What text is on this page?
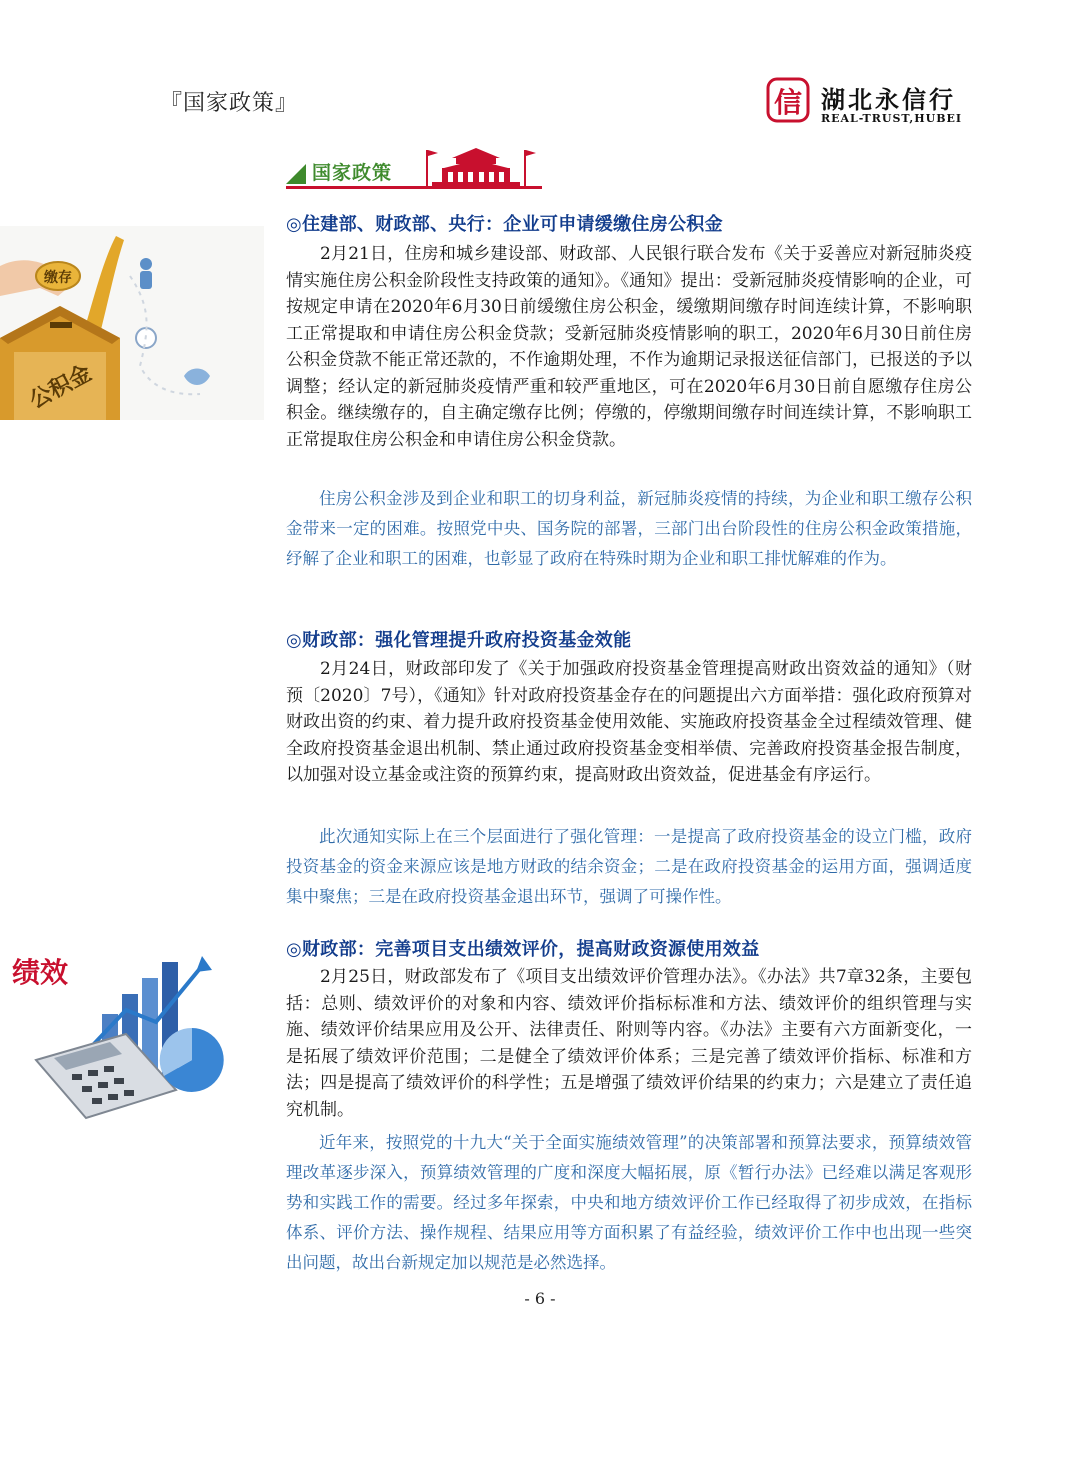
『国家政策』	信 湖北永信行
REAL-TRUST,HUBEI
国家政策
缴存
公积金
◎住建部、财政部、央行：企业可申请缓缴住房公积金

2月21日，住房和城乡建设部、财政部、人民银行联合发布《关于妥善应对新冠肺炎疫情实施住房公积金阶段性支持政策的通知》。《通知》提出：受新冠肺炎疫情影响的企业，可按规定申请在2020年6月30日前缓缴住房公积金，缓缴期间缴存时间连续计算，不影响职工正常提取和申请住房公积金贷款；受新冠肺炎疫情影响的职工，2020年6月30日前住房公积金贷款不能正常还款的，不作逾期处理，不作为逾期记录报送征信部门，已报送的予以调整；经认定的新冠肺炎疫情严重和较严重地区，可在2020年6月30日前自愿缴存住房公积金。继续缴存的，自主确定缴存比例；停缴的，停缴期间缴存时间连续计算，不影响职工正常提取住房公积金和申请住房公积金贷款。

住房公积金涉及到企业和职工的切身利益，新冠肺炎疫情的持续，为企业和职工缴存公积金带来一定的困难。按照党中央、国务院的部署，三部门出台阶段性的住房公积金政策措施，纾解了企业和职工的困难，也彰显了政府在特殊时期为企业和职工排忧解难的作为。

◎财政部：强化管理提升政府投资基金效能

2月24日，财政部印发了《关于加强政府投资基金管理提高财政出资效益的通知》（财预〔2020〕7号），《通知》针对政府投资基金存在的问题提出六方面举措：强化政府预算对财政出资的约束、着力提升政府投资基金使用效能、实施政府投资基金全过程绩效管理、健全政府投资基金退出机制、禁止通过政府投资基金变相举债、完善政府投资基金报告制度，以加强对设立基金或注资的预算约束，提高财政出资效益，促进基金有序运行。

此次通知实际上在三个层面进行了强化管理：一是提高了政府投资基金的设立门槛，政府投资基金的资金来源应该是地方财政的结余资金；二是在政府投资基金的运用方面，强调适度集中聚焦；三是在政府投资基金退出环节，强调了可操作性。

绩效
◎财政部：完善项目支出绩效评价，提高财政资源使用效益

2月25日，财政部发布了《项目支出绩效评价管理办法》。《办法》共7章32条，主要包括：总则、绩效评价的对象和内容、绩效评价指标标准和方法、绩效评价的组织管理与实施、绩效评价结果应用及公开、法律责任、附则等内容。《办法》主要有六方面新变化，一是拓展了绩效评价范围；二是健全了绩效评价体系；三是完善了绩效评价指标、标准和方法；四是提高了绩效评价的科学性；五是增强了绩效评价结果的约束力；六是建立了责任追究机制。

近年来，按照党的十九大“关于全面实施绩效管理”的决策部署和预算法要求，预算绩效管理改革逐步深入，预算绩效管理的广度和深度大幅拓展，原《暂行办法》已经难以满足客观形势和实践工作的需要。经过多年探索，中央和地方绩效评价工作已经取得了初步成效，在指标体系、评价方法、操作规程、结果应用等方面积累了有益经验，绩效评价工作中也出现一些突出问题，故出台新规定加以规范是必然选择。

- 6 -
